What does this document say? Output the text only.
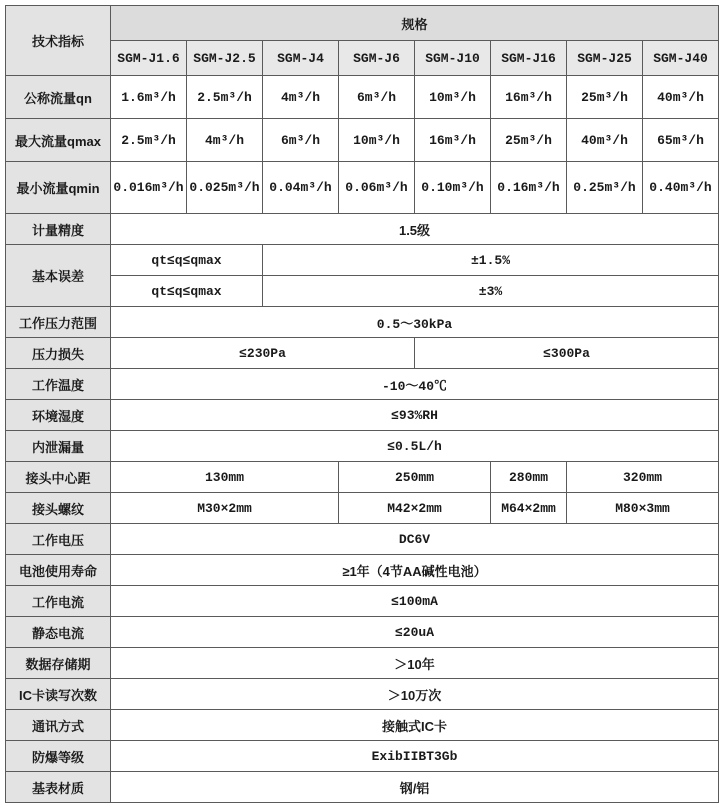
技术指标	规格							
	SGM-J1.6	SGM-J2.5	SGM-J4	SGM-J6	SGM-J10	SGM-J16	SGM-J25	SGM-J40
公称流量qn	1.6m³/h	2.5m³/h	4m³/h	6m³/h	10m³/h	16m³/h	25m³/h	40m³/h
最大流量qmax	2.5m³/h	4m³/h	6m³/h	10m³/h	16m³/h	25m³/h	40m³/h	65m³/h
最小流量qmin	0.016m³/h	0.025m³/h	0.04m³/h	0.06m³/h	0.10m³/h	0.16m³/h	0.25m³/h	0.40m³/h
计量精度	1.5级							
基本误差	qt≤q≤qmax		±1.5%					
	qt≤q≤qmax		±3%					
工作压力范围	0.5～30kPa							
压力损失	≤230Pa				≤300Pa			
工作温度	-10～40℃							
环境湿度	≤93%RH							
内泄漏量	≤0.5L/h							
接头中心距	130mm			250mm		280mm	320mm	
接头螺纹	M30×2mm			M42×2mm		M64×2mm	M80×3mm	
工作电压	DC6V							
电池使用寿命	≥1年（4节AA碱性电池）							
工作电流	≤100mA							
静态电流	≤20uA							
数据存储期	＞10年							
IC卡读写次数	＞10万次							
通讯方式	接触式IC卡							
防爆等级	ExibIIBT3Gb							
基表材质	钢/铝							
